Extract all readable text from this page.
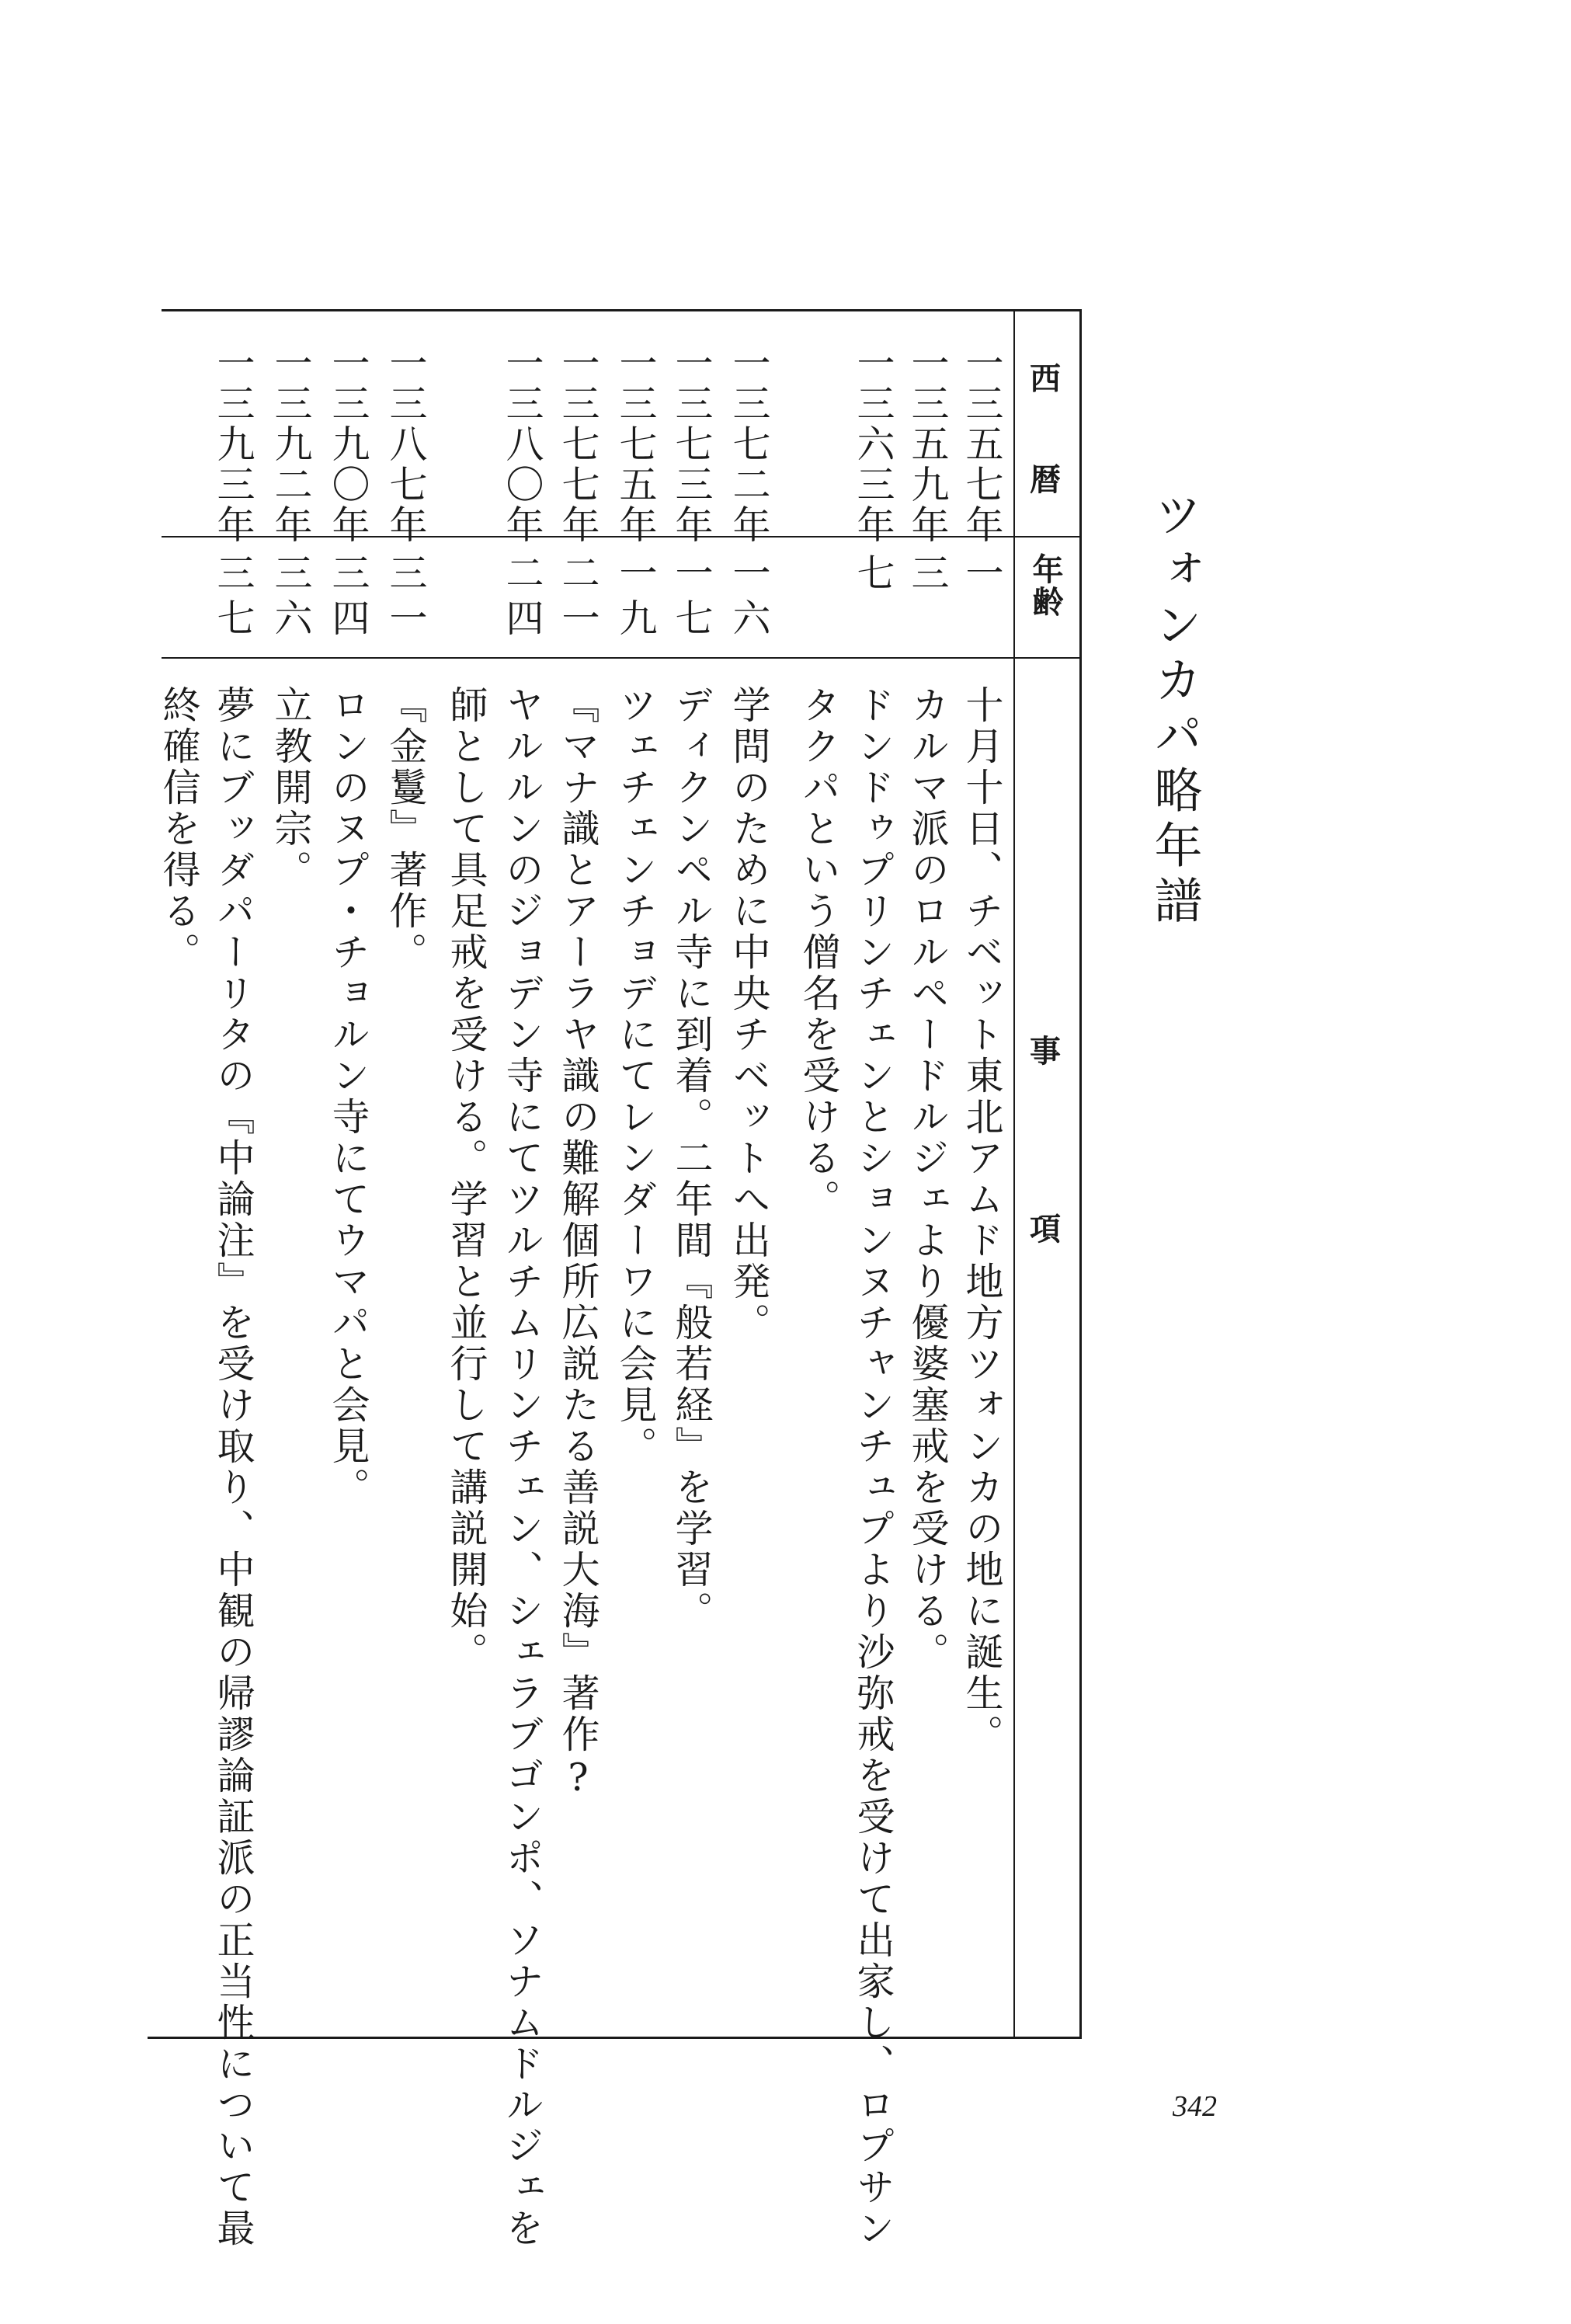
ツォンカパ略年譜
西
暦
年齢
事
項
一三五七年
一
十月十日、チベット東北アムド地方ツォンカの地に誕生。
一三五九年
三
カルマ派のロルペードルジェより優婆塞戒を受ける。
一三六三年
七
ドンドゥプリンチェンとションヌチャンチュプより沙弥戒を受けて出家し、ロプサン
タクパという僧名を受ける。
一三七二年
一六
学問のために中央チベットへ出発。
一三七三年
一七
ディクンペル寺に到着。二年間『般若経』を学習。
一三七五年
一九
ツェチェンチョデにてレンダーワに会見。
一三七七年
二一
『マナ識とアーラヤ識の難解個所広説たる善説大海』著作?
一三八〇年
二四
ヤルルンのジョデン寺にてツルチムリンチェン、シェラブゴンポ、ソナムドルジェを
師として具足戒を受ける。学習と並行して講説開始。
一三八七年
三一
『金鬘』著作。
一三九〇年
三四
ロンのヌプ・チョルン寺にてウマパと会見。
一三九二年
三六
立教開宗。
一三九三年
三七
夢にブッダパーリタの『中論注』を受け取り、中観の帰謬論証派の正当性について最
終確信を得る。
342
